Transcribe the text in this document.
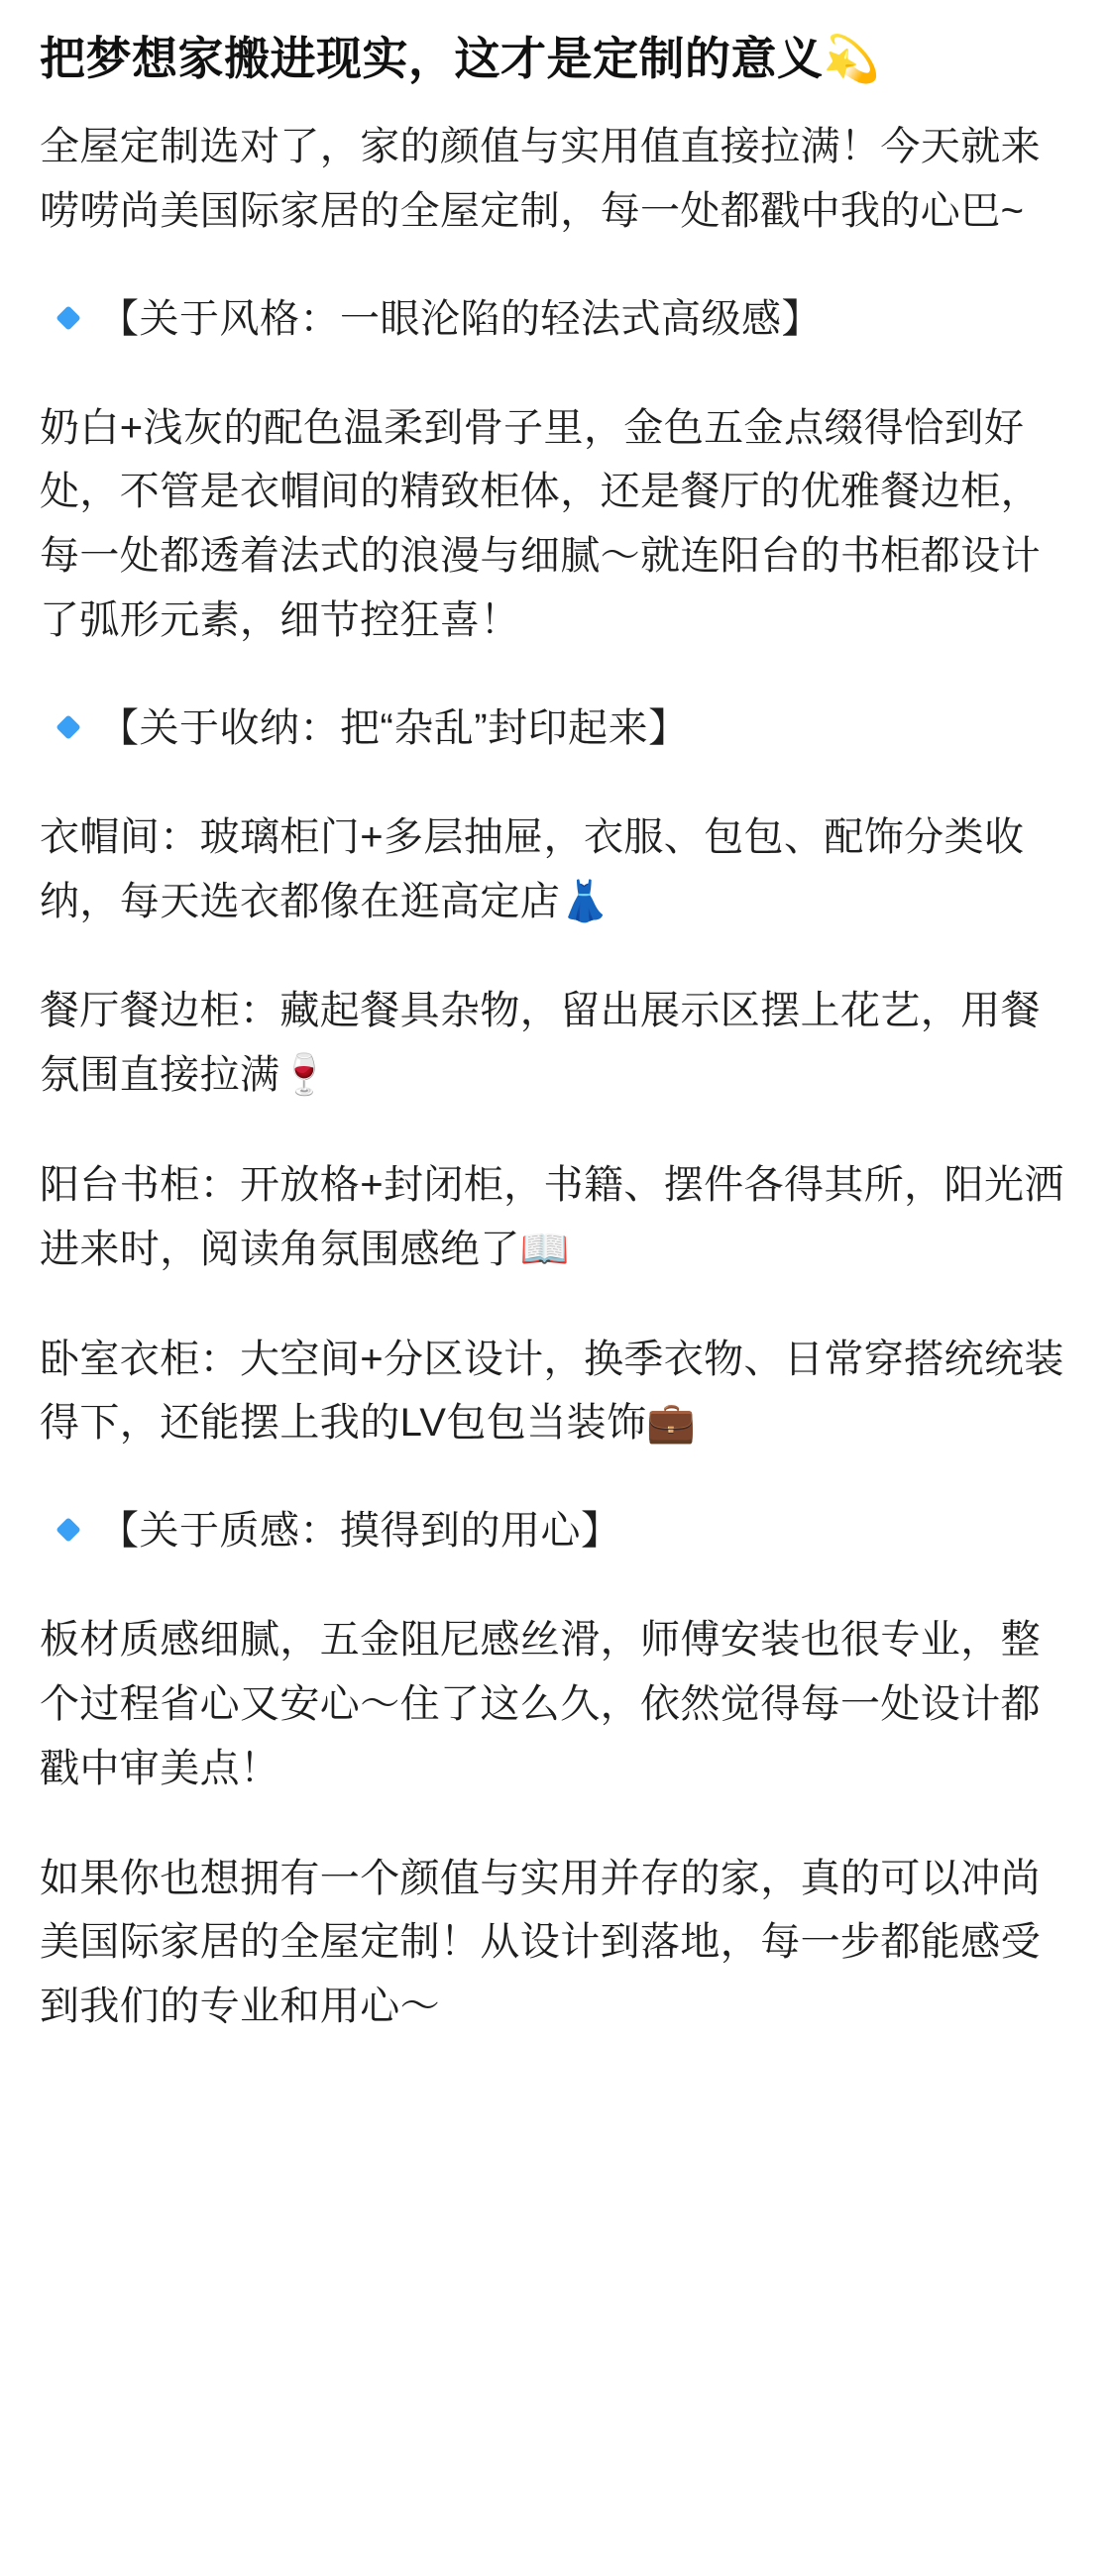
把梦想家搬进现实，这才是定制的意义💫

全屋定制选对了，家的颜值与实用值直接拉满！今天就来唠唠尚美国际家居的全屋定制，每一处都戳中我的心巴~

【关于风格：一眼沦陷的轻法式高级感】

奶白+浅灰的配色温柔到骨子里，金色五金点缀得恰到好处，不管是衣帽间的精致柜体，还是餐厅的优雅餐边柜，每一处都透着法式的浪漫与细腻～就连阳台的书柜都设计了弧形元素，细节控狂喜！

【关于收纳：把“杂乱”封印起来】

衣帽间：玻璃柜门+多层抽屉，衣服、包包、配饰分类收纳，每天选衣都像在逛高定店👗

餐厅餐边柜：藏起餐具杂物，留出展示区摆上花艺，用餐氛围直接拉满🍷

阳台书柜：开放格+封闭柜，书籍、摆件各得其所，阳光洒进来时，阅读角氛围感绝了📖

卧室衣柜：大空间+分区设计，换季衣物、日常穿搭统统装得下，还能摆上我的LV包包当装饰💼

【关于质感：摸得到的用心】

板材质感细腻，五金阻尼感丝滑，师傅安装也很专业，整个过程省心又安心～住了这么久，依然觉得每一处设计都戳中审美点！

如果你也想拥有一个颜值与实用并存的家，真的可以冲尚美国际家居的全屋定制！从设计到落地，每一步都能感受到我们的专业和用心～
